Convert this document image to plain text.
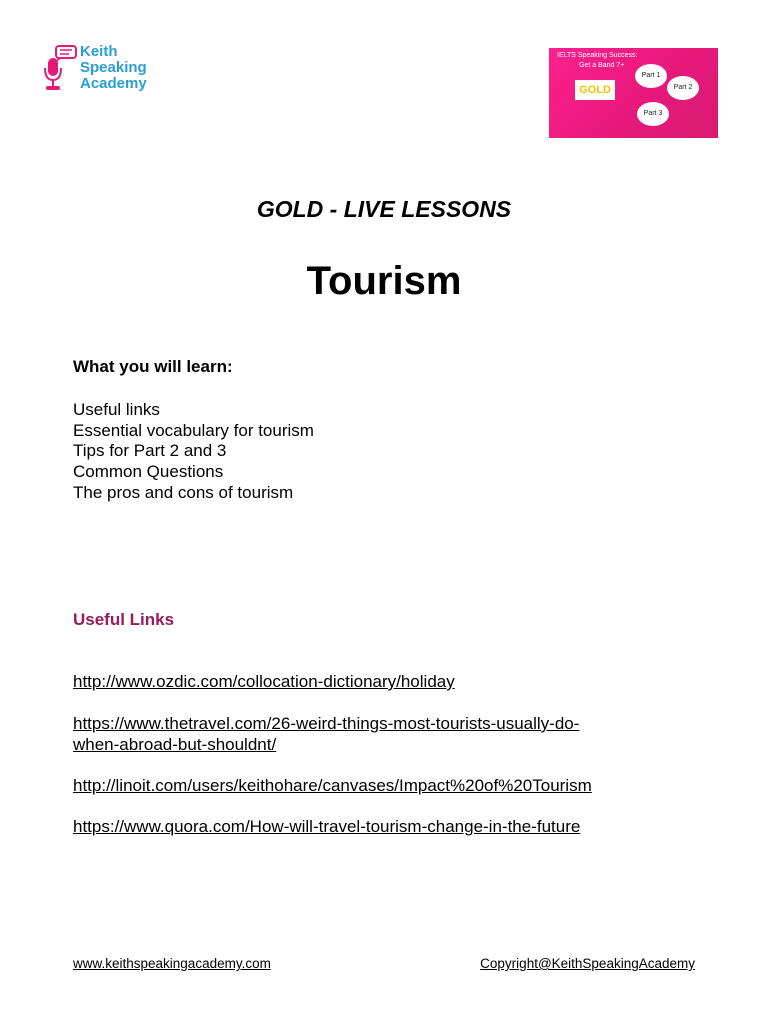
Keith
Speaking
Academy
IELTS Speaking Success:
Get a Band 7+
GOLD
Part 1
Part 2
Part 3
GOLD - LIVE LESSONS
Tourism
What you will learn:
Useful links
Essential vocabulary for tourism
Tips for Part 2 and 3
Common Questions
The pros and cons of tourism
Useful Links
http://www.ozdic.com/collocation-dictionary/holiday
https://www.thetravel.com/26-weird-things-most-tourists-usually-do-
when-abroad-but-shouldnt/
http://linoit.com/users/keithohare/canvases/Impact%20of%20Tourism
https://www.quora.com/How-will-travel-tourism-change-in-the-future
www.keithspeakingacademy.com	Copyright@KeithSpeakingAcademy
